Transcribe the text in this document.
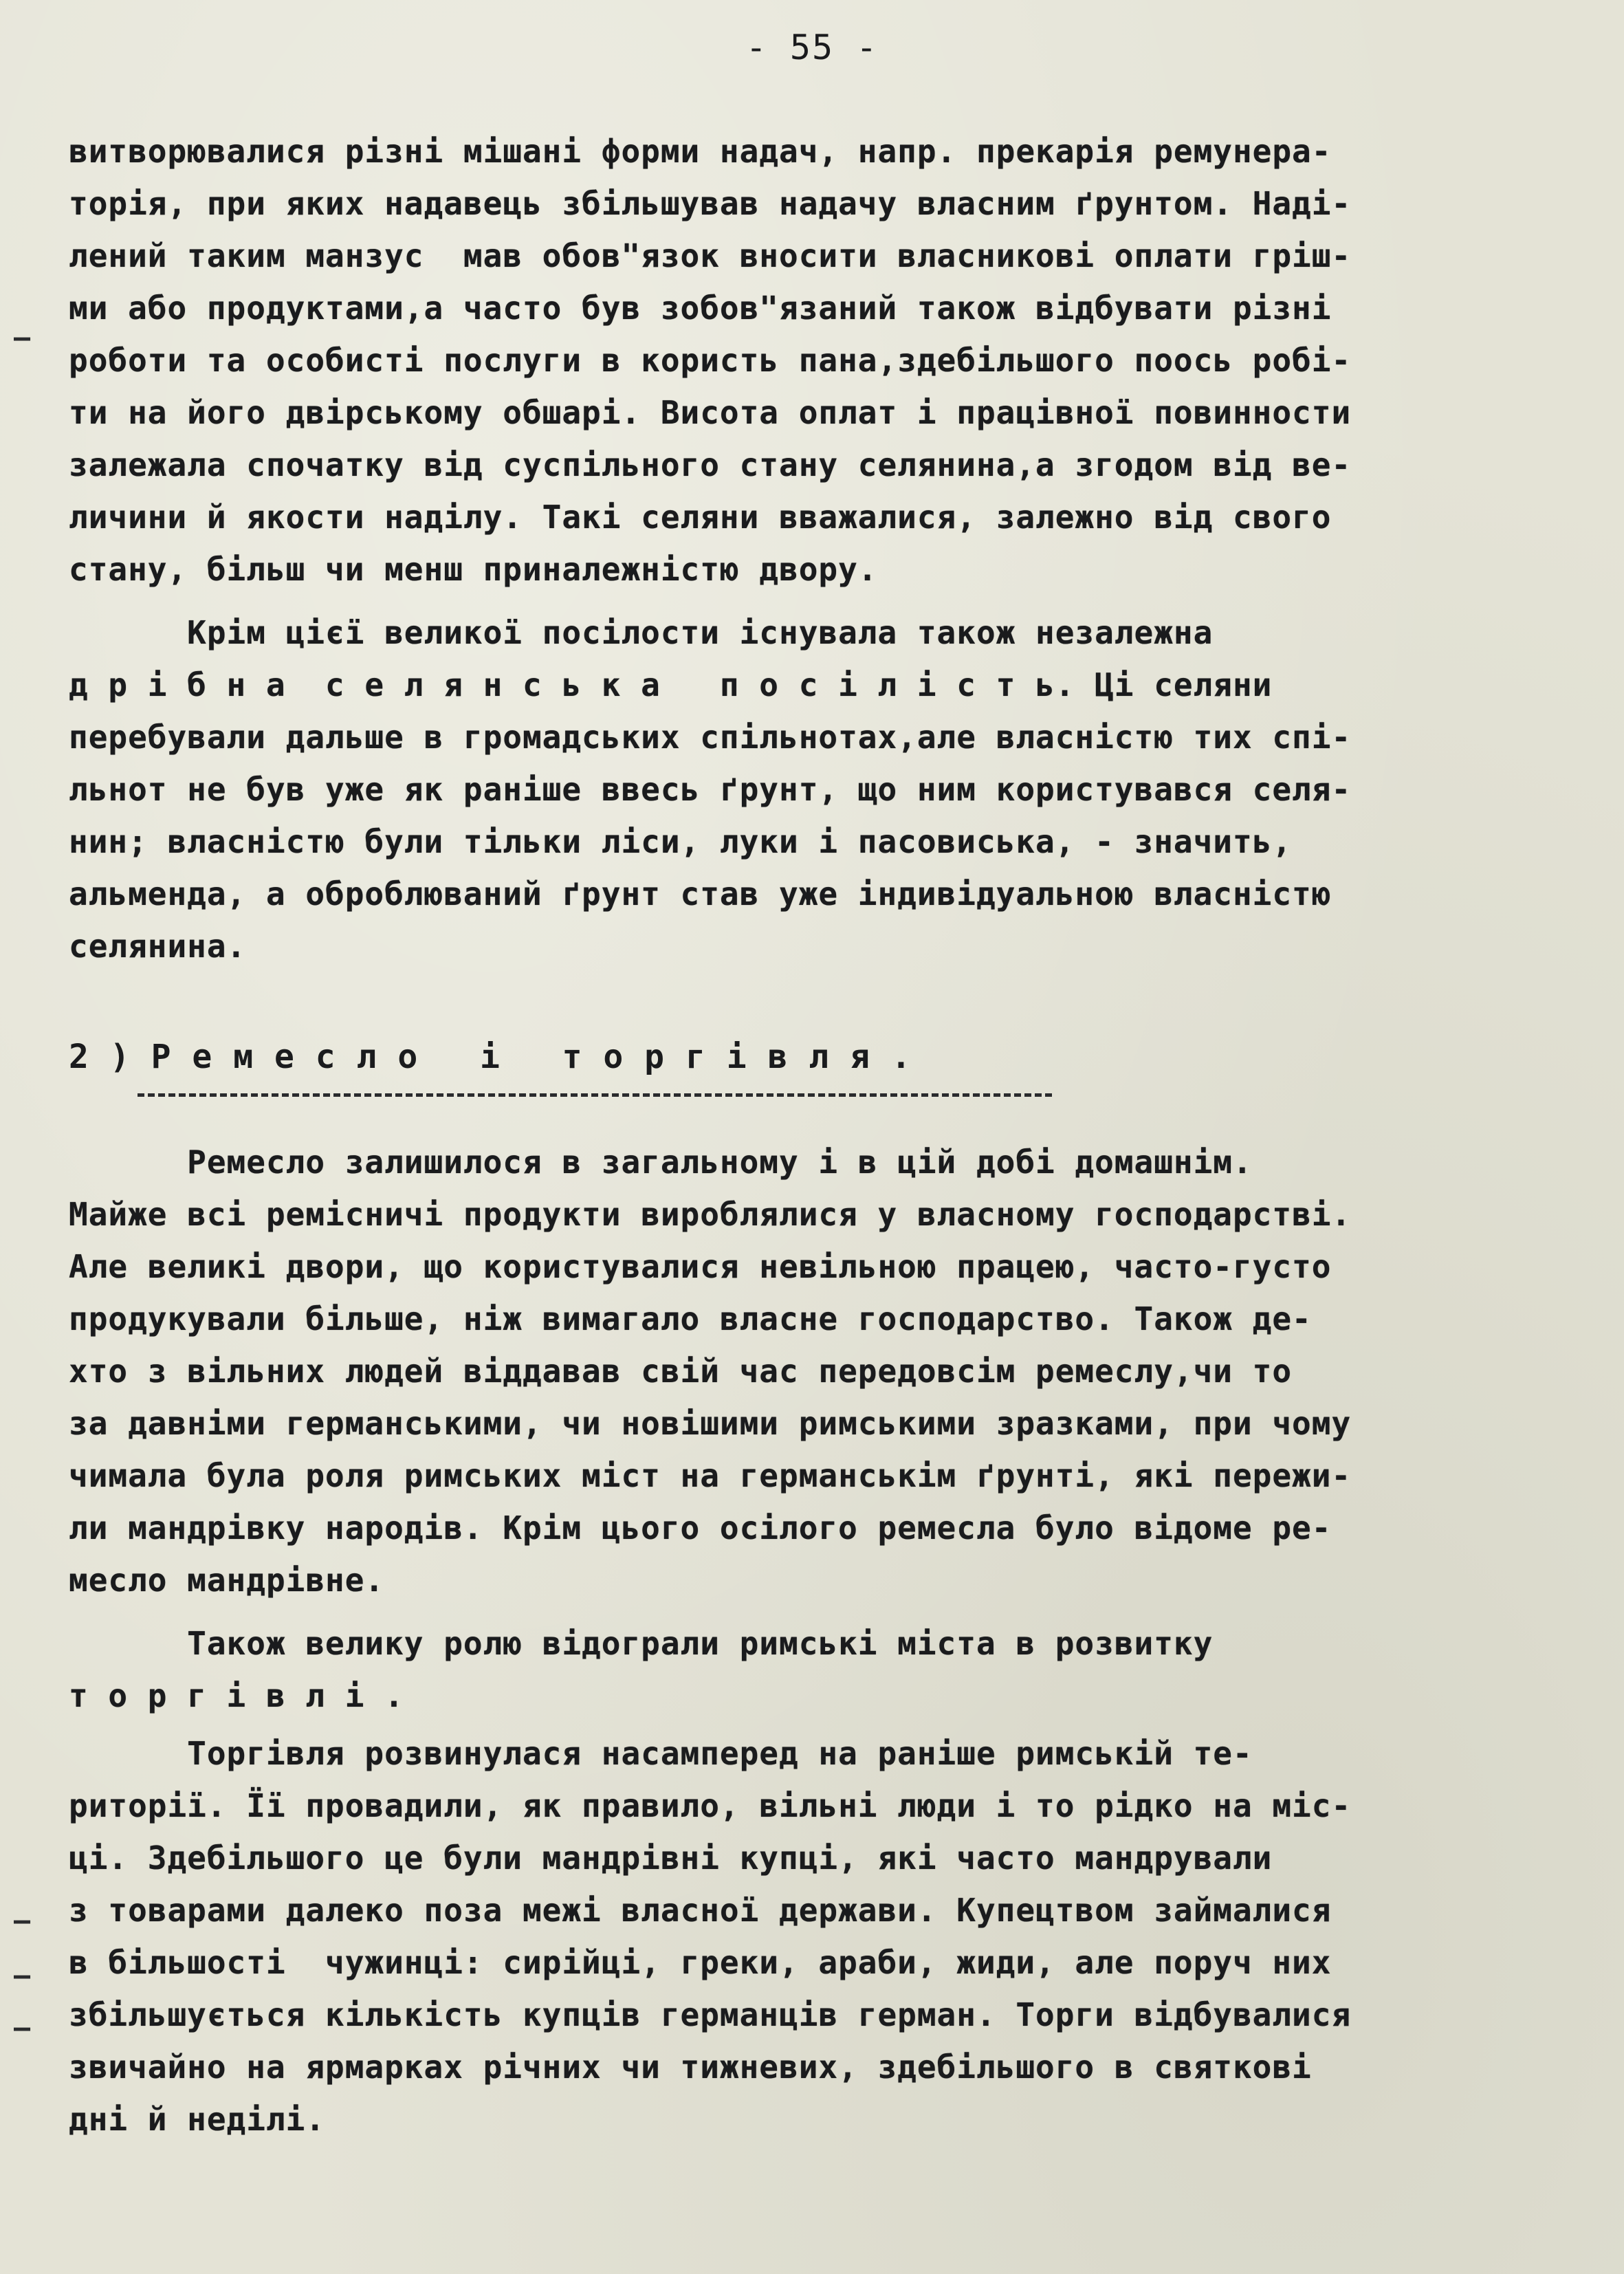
- 55 -
витворювалися різні мішані форми надач, напр. прекарія ремунера-
торія, при яких надавець збільшував надачу власним ґрунтом. Наді-
лений таким манзус  мав обов"язок вносити власникові оплати гріш-
ми або продуктами,а часто був зобов"язаний також відбувати різні
роботи та особисті послуги в користь пана,здебільшого поось робі-
ти на його двірському обшарі. Висота оплат і працівної повинности
залежала спочатку від суспільного стану селянина,а згодом від ве-
личини й якости наділу. Такі селяни вважалися, залежно від свого
стану, більш чи менш приналежністю двору.
Крім цієї великої посілости існувала також незалежна
д р і б н а  с е л я н с ь к а   п о с і л і с т ь. Ці селяни
перебували дальше в громадських спільнотах,але власністю тих спі-
льнот не був уже як раніше ввесь ґрунт, що ним користувався селя-
нин; власністю були тільки ліси, луки і пасовиська, - значить,
альменда, а оброблюваний ґрунт став уже індивідуальною власністю
селянина.
2 ) Р е м е с л о   і   т о р г і в л я .
Ремесло залишилося в загальному і в цій добі домашнім.
Майже всі ремісничі продукти вироблялися у власному господарстві.
Але великі двори, що користувалися невільною працею, часто-густо
продукували більше, ніж вимагало власне господарство. Також де-
хто з вільних людей віддавав свій час передовсім ремеслу,чи то
за давніми германськими, чи новішими римськими зразками, при чому
чимала була роля римських міст на германськім ґрунті, які пережи-
ли мандрівку народів. Крім цього осілого ремесла було відоме ре-
месло мандрівне.
Також велику ролю відограли римські міста в розвитку
т о р г і в л і .
Торгівля розвинулася насамперед на раніше римській те-
риторії. Її провадили, як правило, вільні люди і то рідко на міс-
ці. Здебільшого це були мандрівні купці, які часто мандрували
з товарами далеко поза межі власної держави. Купецтвом займалися
в більшості  чужинці: сирійці, греки, араби, жиди, але поруч них
збільшується кількість купців германців герман. Торги відбувалися
звичайно на ярмарках річних чи тижневих, здебільшого в святкові
дні й неділі.
–
–
–
–
